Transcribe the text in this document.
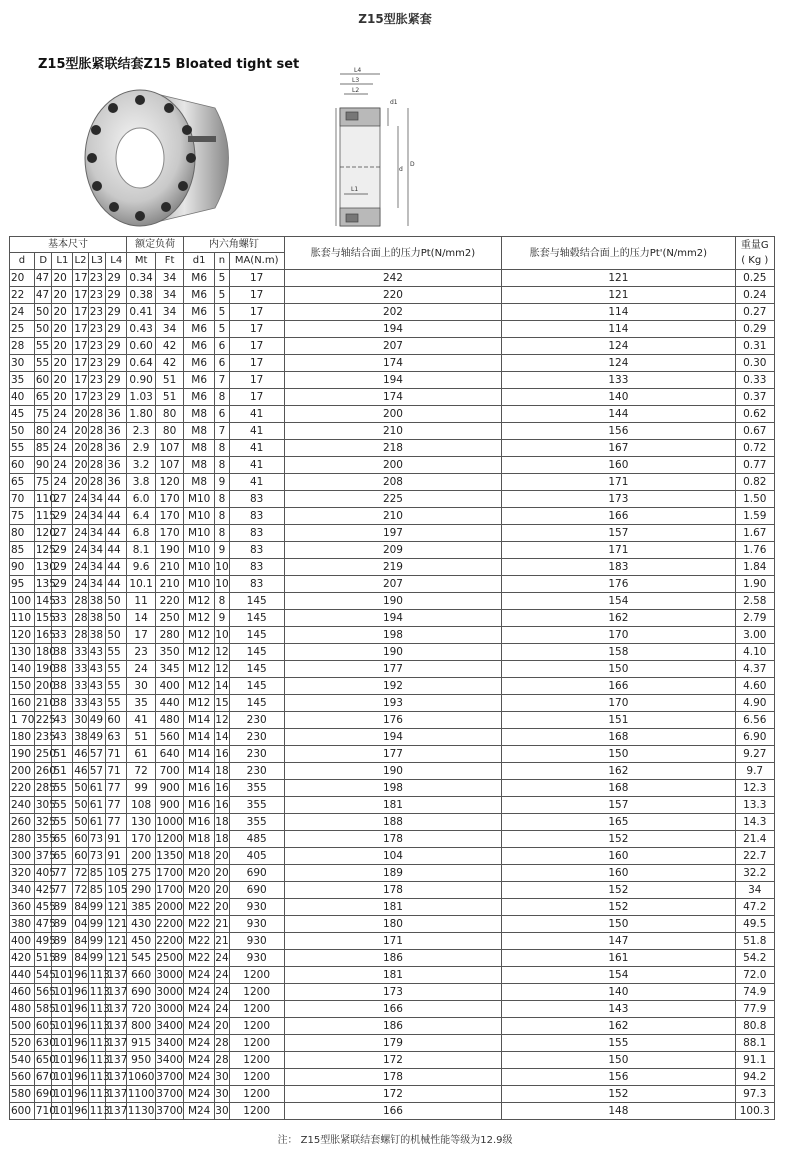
Z15型胀紧套
Z15型胀紧联结套Z15 Bloated tight set	L4
L3
L2
L1
d1
D
d
基本尺寸						额定负荷		内六角螺钉			胀套与轴结合面上的压力Pt(N/mm2)	胀套与轴毂结合面上的压力Pt'(N/mm2)	重量G
( Kg )

d	D	L1	L2	L3	L4	Mt	Ft	d1	n	MA(N.m)			
20	47	20	17	23	29	0.34	34	M6	5	17	242	121	0.25
22	47	20	17	23	29	0.38	34	M6	5	17	220	121	0.24
24	50	20	17	23	29	0.41	34	M6	5	17	202	114	0.27
25	50	20	17	23	29	0.43	34	M6	5	17	194	114	0.29
28	55	20	17	23	29	0.60	42	M6	6	17	207	124	0.31
30	55	20	17	23	29	0.64	42	M6	6	17	174	124	0.30
35	60	20	17	23	29	0.90	51	M6	7	17	194	133	0.33
40	65	20	17	23	29	1.03	51	M6	8	17	174	140	0.37
45	75	24	20	28	36	1.80	80	M8	6	41	200	144	0.62
50	80	24	20	28	36	2.3	80	M8	7	41	210	156	0.67
55	85	24	20	28	36	2.9	107	M8	8	41	218	167	0.72
60	90	24	20	28	36	3.2	107	M8	8	41	200	160	0.77
65	75	24	20	28	36	3.8	120	M8	9	41	208	171	0.82
70	110	27	24	34	44	6.0	170	M10	8	83	225	173	1.50
75	115	29	24	34	44	6.4	170	M10	8	83	210	166	1.59
80	120	27	24	34	44	6.8	170	M10	8	83	197	157	1.67
85	125	29	24	34	44	8.1	190	M10	9	83	209	171	1.76
90	130	29	24	34	44	9.6	210	M10	10	83	219	183	1.84
95	135	29	24	34	44	10.1	210	M10	10	83	207	176	1.90
100	145	33	28	38	50	11	220	M12	8	145	190	154	2.58
110	155	33	28	38	50	14	250	M12	9	145	194	162	2.79
120	165	33	28	38	50	17	280	M12	10	145	198	170	3.00
130	180	38	33	43	55	23	350	M12	12	145	190	158	4.10
140	190	38	33	43	55	24	345	M12	12	145	177	150	4.37
150	200	38	33	43	55	30	400	M12	14	145	192	166	4.60
160	210	38	33	43	55	35	440	M12	15	145	193	170	4.90
1 70	225	43	30	49	60	41	480	M14	12	230	176	151	6.56
180	235	43	38	49	63	51	560	M14	14	230	194	168	6.90
190	250	51	46	57	71	61	640	M14	16	230	177	150	9.27
200	260	51	46	57	71	72	700	M14	18	230	190	162	9.7
220	285	55	50	61	77	99	900	M16	16	355	198	168	12.3
240	305	55	50	61	77	108	900	M16	16	355	181	157	13.3
260	325	55	50	61	77	130	1000	M16	18	355	188	165	14.3
280	355	65	60	73	91	170	1200	M18	18	485	178	152	21.4
300	375	65	60	73	91	200	1350	M18	20	405	104	160	22.7
320	405	77	72	85	105	275	1700	M20	20	690	189	160	32.2
340	425	77	72	85	105	290	1700	M20	20	690	178	152	34
360	455	89	84	99	121	385	2000	M22	20	930	181	152	47.2
380	475	89	04	99	121	430	2200	M22	21	930	180	150	49.5
400	495	89	84	99	121	450	2200	M22	21	930	171	147	51.8
420	515	89	84	99	121	545	2500	M22	24	930	186	161	54.2
440	545	101	96	113	137	660	3000	M24	24	1200	181	154	72.0
460	565	101	96	113	137	690	3000	M24	24	1200	173	140	74.9
480	585	101	96	113	137	720	3000	M24	24	1200	166	143	77.9
500	605	101	96	113	137	800	3400	M24	20	1200	186	162	80.8
520	630	101	96	113	137	915	3400	M24	28	1200	179	155	88.1
540	650	101	96	113	137	950	3400	M24	28	1200	172	150	91.1
560	670	101	96	113	137	1060	3700	M24	30	1200	178	156	94.2
580	690	101	96	113	137	1100	3700	M24	30	1200	172	152	97.3
600	710	101	96	113	137	1130	3700	M24	30	1200	166	148	100.3
注： Z15型胀紧联结套螺钉的机械性能等级为12.9级
